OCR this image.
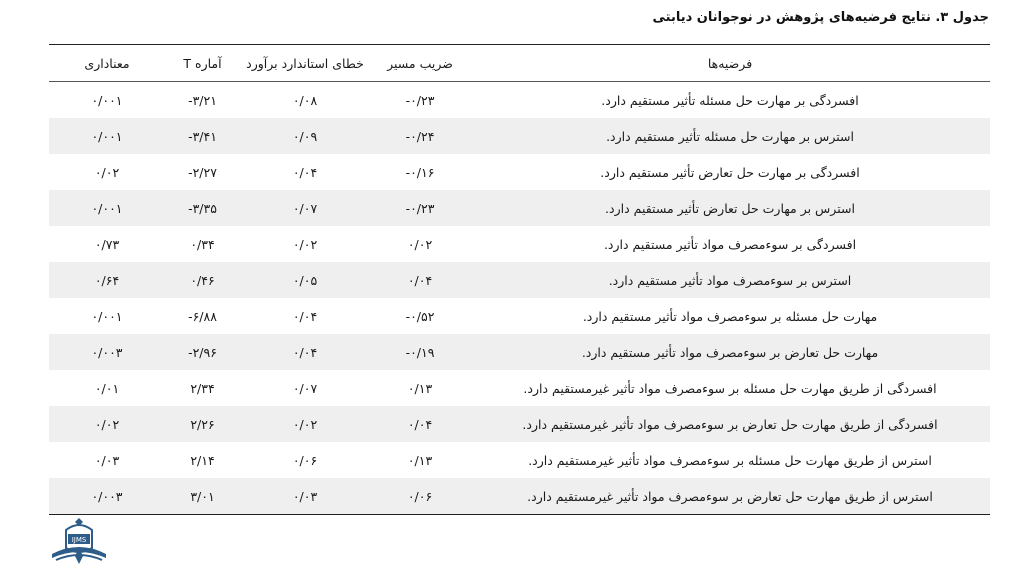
جدول ۳. نتایج فرضیه‌های پژوهش در نوجوانان دیابتی
فرضیه‌ها	ضریب مسیر	خطای استاندارد برآورد	آماره T	معناداری
افسردگی بر مهارت حل مسئله تأثیر مستقیم دارد.	-۰/۲۳	۰/۰۸	-۳/۲۱	۰/۰۰۱
استرس بر مهارت حل مسئله تأثیر مستقیم دارد.	-۰/۲۴	۰/۰۹	-۳/۴۱	۰/۰۰۱
افسردگی بر مهارت حل تعارض تأثیر مستقیم دارد.	-۰/۱۶	۰/۰۴	-۲/۲۷	۰/۰۲
استرس بر مهارت حل تعارض تأثیر مستقیم دارد.	-۰/۲۳	۰/۰۷	-۳/۳۵	۰/۰۰۱
افسردگی بر سوءمصرف مواد تأثیر مستقیم دارد.	۰/۰۲	۰/۰۲	۰/۳۴	۰/۷۳
استرس بر سوءمصرف مواد تأثیر مستقیم دارد.	۰/۰۴	۰/۰۵	۰/۴۶	۰/۶۴
مهارت حل مسئله بر سوءمصرف مواد تأثیر مستقیم دارد.	-۰/۵۲	۰/۰۴	-۶/۸۸	۰/۰۰۱
مهارت حل تعارض بر سوءمصرف مواد تأثیر مستقیم دارد.	-۰/۱۹	۰/۰۴	-۲/۹۶	۰/۰۰۳
افسردگی از طریق مهارت حل مسئله بر سوءمصرف مواد تأثیر غیرمستقیم دارد.	۰/۱۳	۰/۰۷	۲/۳۴	۰/۰۱
افسردگی از طریق مهارت حل تعارض بر سوءمصرف مواد تأثیر غیرمستقیم دارد.	۰/۰۴	۰/۰۲	۲/۲۶	۰/۰۲
استرس از طریق مهارت حل مسئله بر سوءمصرف مواد تأثیر غیرمستقیم دارد.	۰/۱۳	۰/۰۶	۲/۱۴	۰/۰۳
استرس از طریق مهارت حل تعارض بر سوءمصرف مواد تأثیر غیرمستقیم دارد.	۰/۰۶	۰/۰۳	۳/۰۱	۰/۰۰۳
IJMS
